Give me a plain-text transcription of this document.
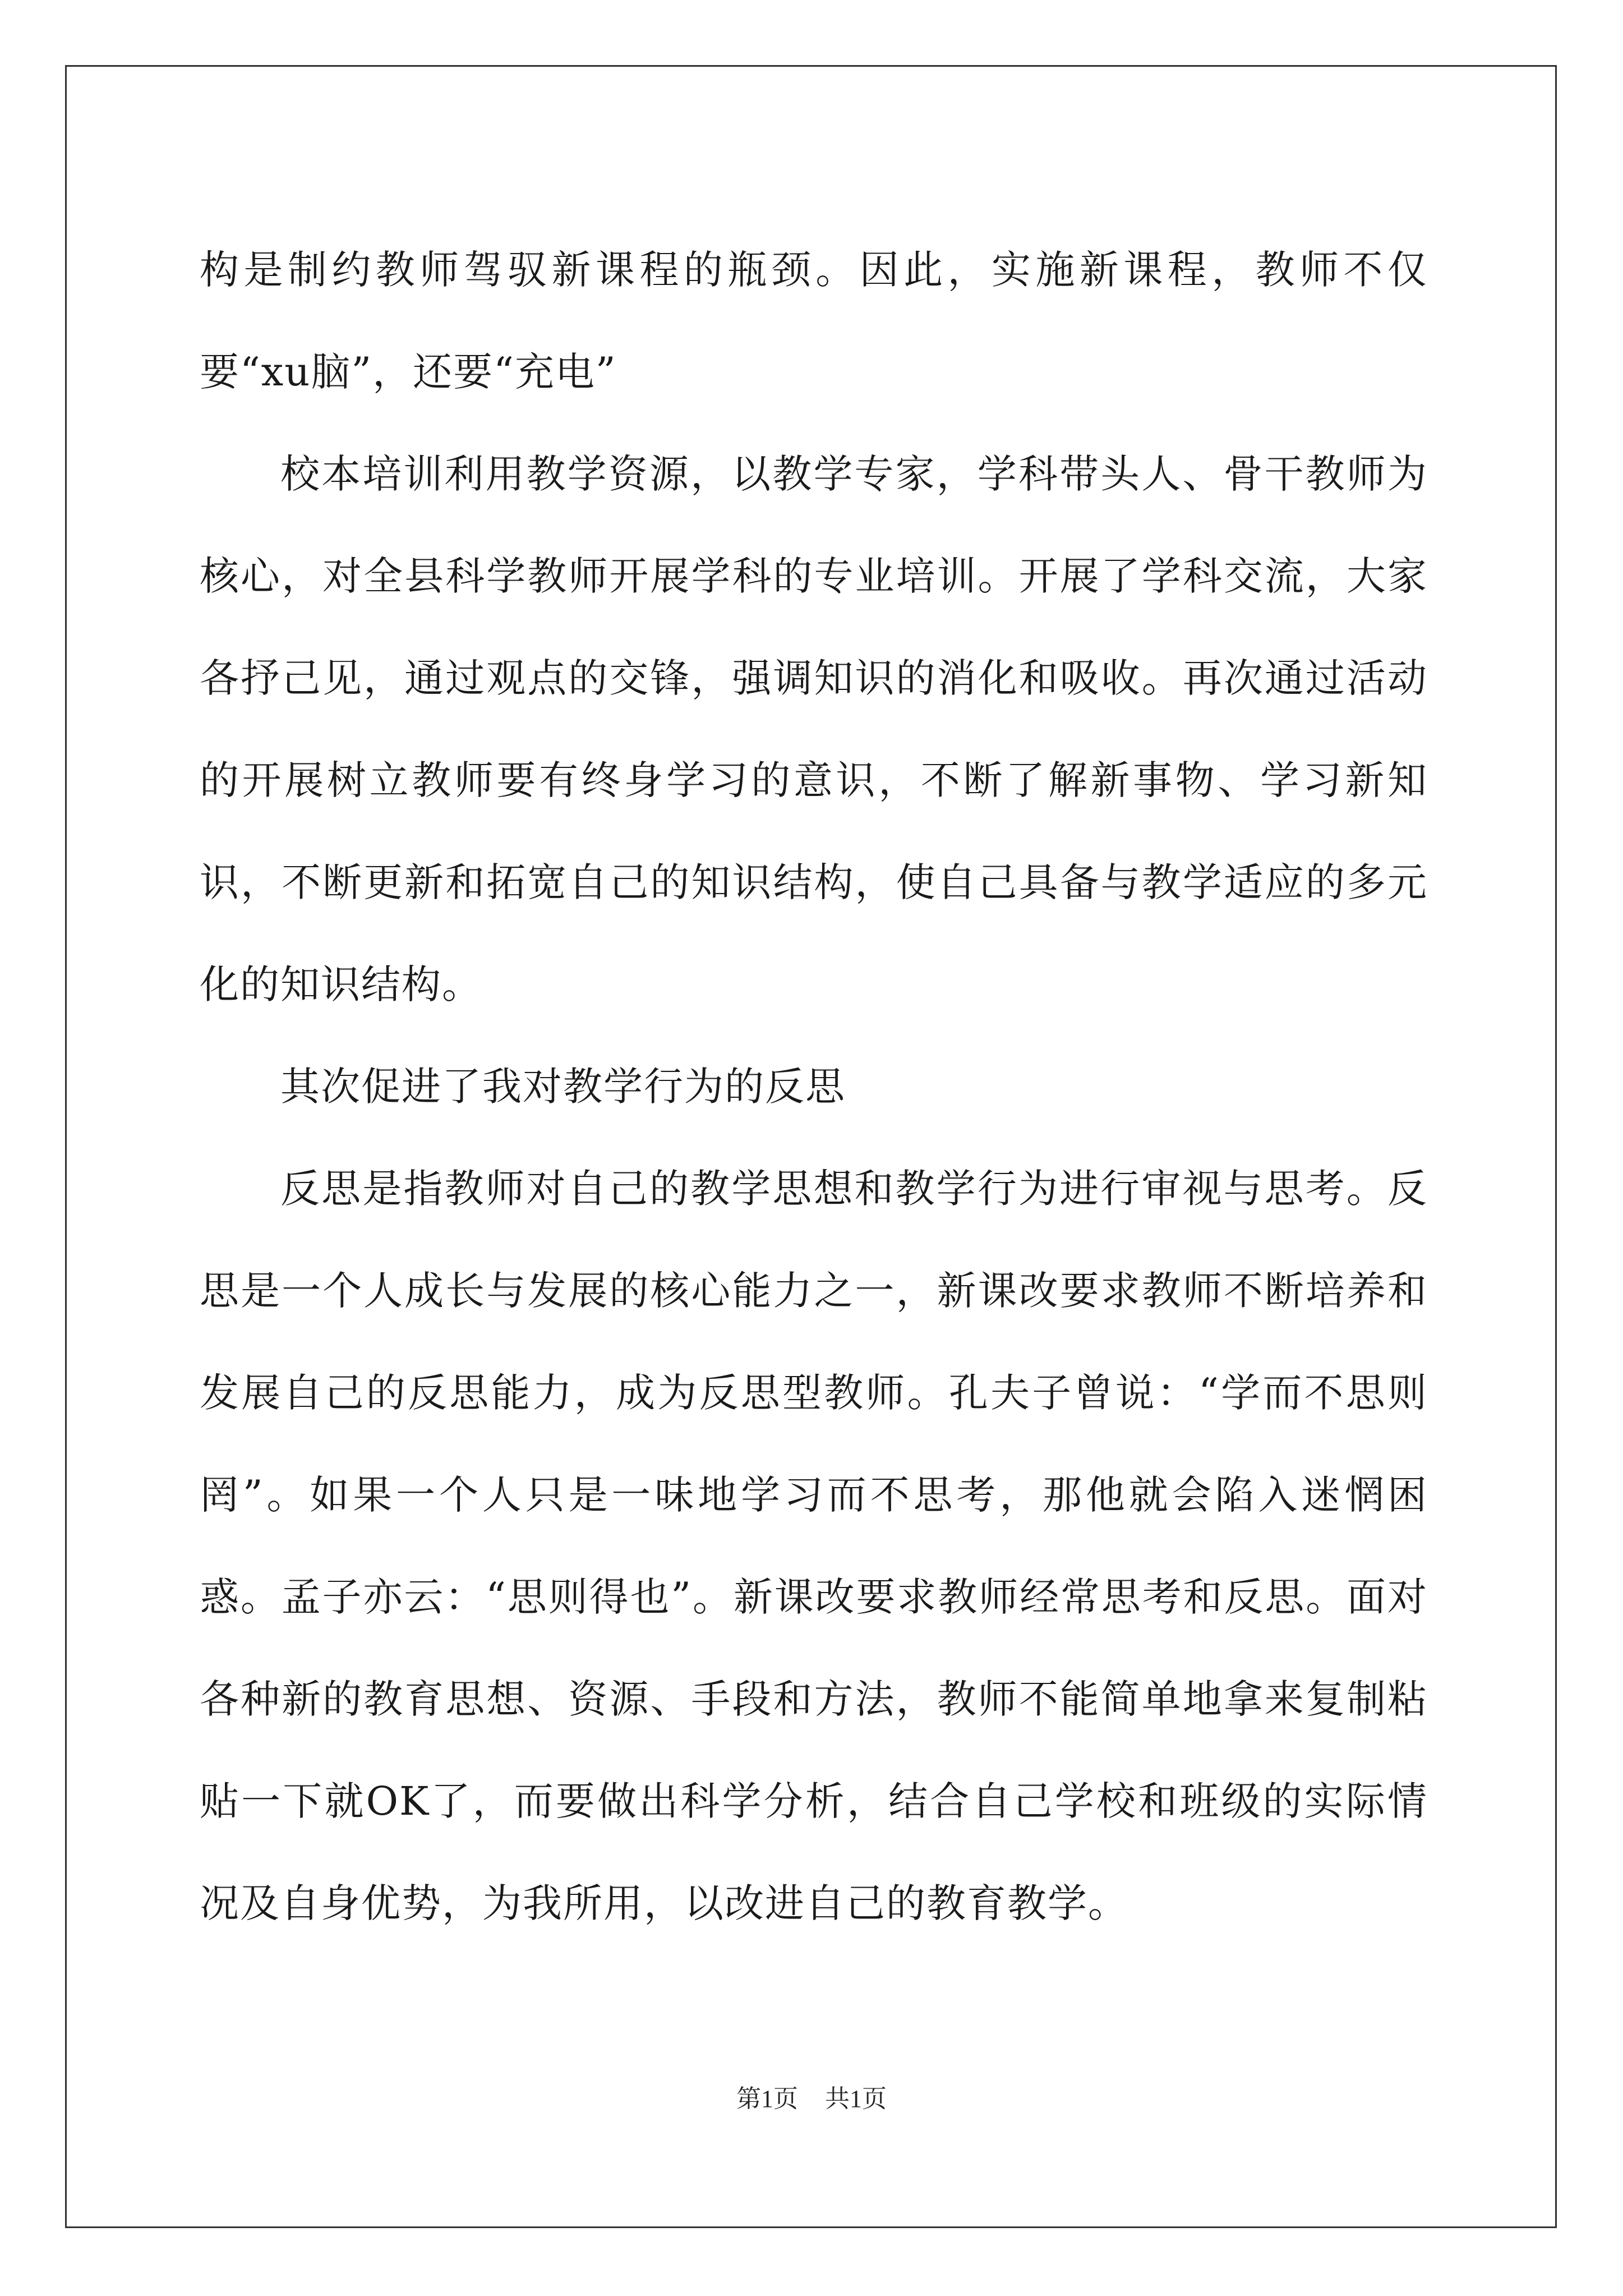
构是制约教师驾驭新课程的瓶颈。因此，实施新课程，教师不仅要“xu脑”，还要“充电”

校本培训利用教学资源，以教学专家，学科带头人、骨干教师为核心，对全县科学教师开展学科的专业培训。开展了学科交流，大家各抒己见，通过观点的交锋，强调知识的消化和吸收。再次通过活动的开展树立教师要有终身学习的意识，不断了解新事物、学习新知识，不断更新和拓宽自己的知识结构，使自己具备与教学适应的多元化的知识结构。

其次促进了我对教学行为的反思

反思是指教师对自己的教学思想和教学行为进行审视与思考。反思是一个人成长与发展的核心能力之一，新课改要求教师不断培养和发展自己的反思能力，成为反思型教师。孔夫子曾说：“学而不思则罔”。如果一个人只是一味地学习而不思考，那他就会陷入迷惘困惑。孟子亦云：“思则得也”。新课改要求教师经常思考和反思。面对各种新的教育思想、资源、手段和方法，教师不能简单地拿来复制粘贴一下就OK了，而要做出科学分析，结合自己学校和班级的实际情况及自身优势，为我所用，以改进自己的教育教学。

第1页 共1页
